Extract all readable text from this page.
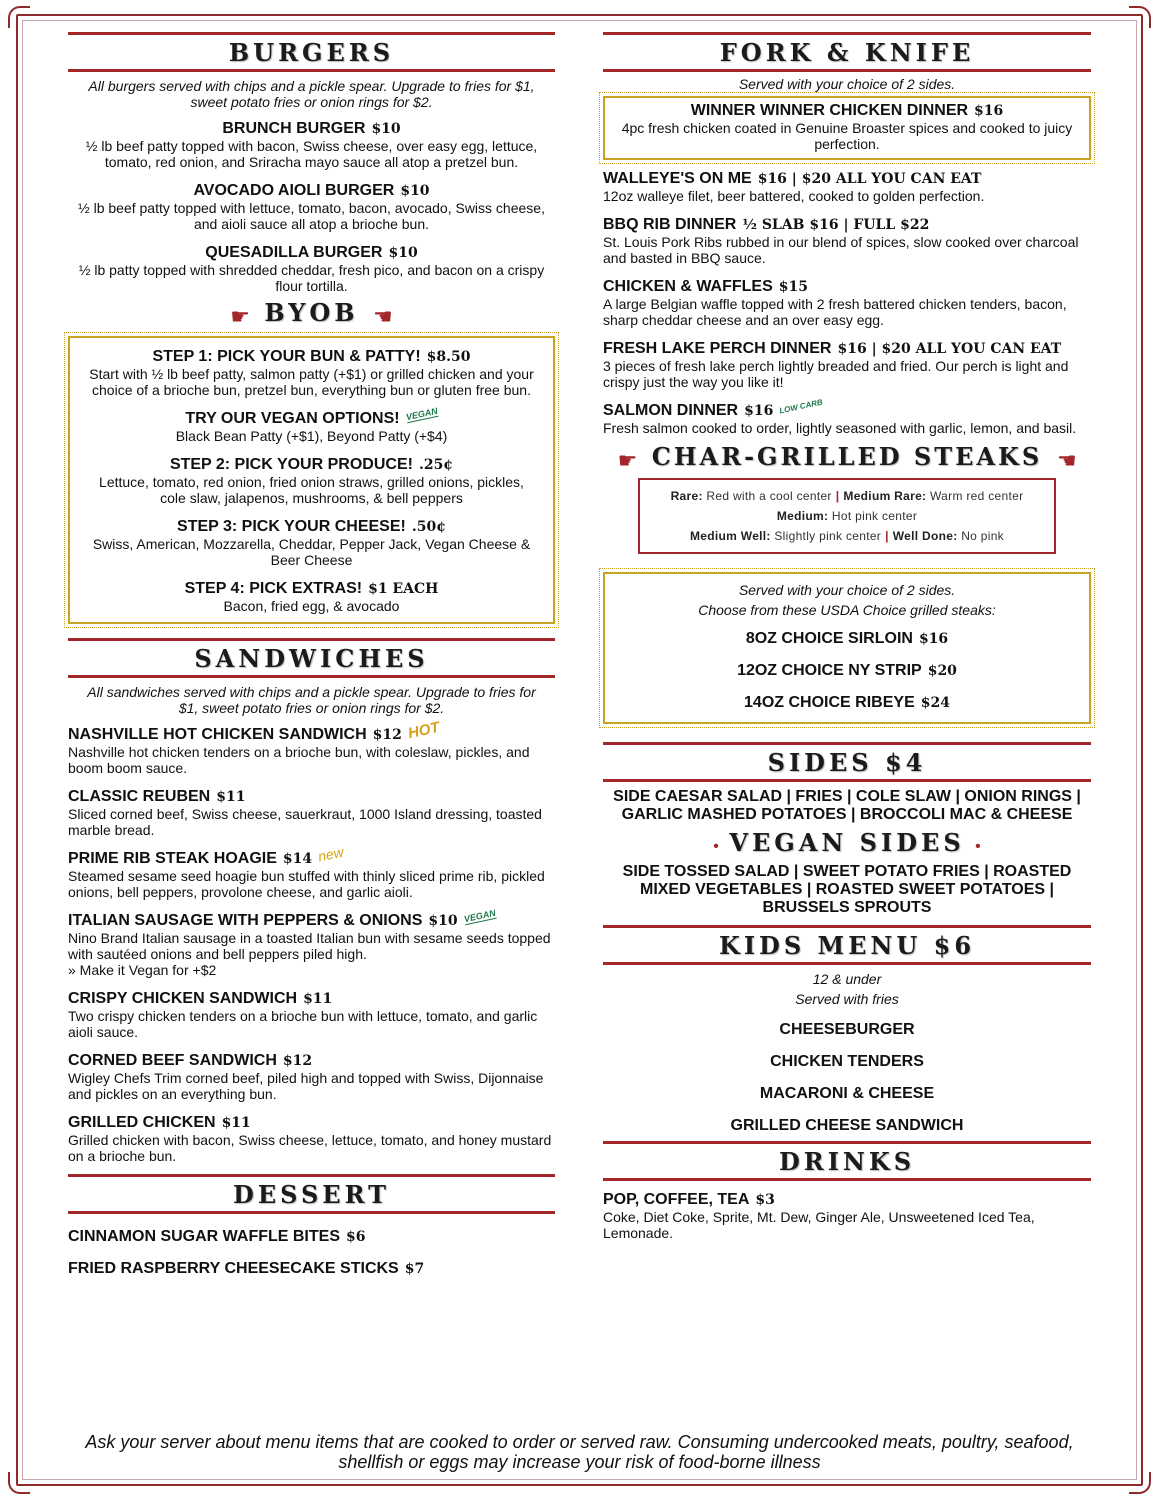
BURGERS

All burgers served with chips and a pickle spear. Upgrade to fries for $1, sweet potato fries or onion rings for $2.

BRUNCH BURGER $10
½ lb beef patty topped with bacon, Swiss cheese, over easy egg, lettuce, tomato, red onion, and Sriracha mayo sauce all atop a pretzel bun.
AVOCADO AIOLI BURGER $10
½ lb beef patty topped with lettuce, tomato, bacon, avocado, Swiss cheese, and aioli sauce all atop a brioche bun.
QUESADILLA BURGER $10
½ lb patty topped with shredded cheddar, fresh pico, and bacon on a crispy flour tortilla.
☛ BYOB ☛
STEP 1: PICK YOUR BUN & PATTY! $8.50
Start with ½ lb beef patty, salmon patty (+$1) or grilled chicken and your choice of a brioche bun, pretzel bun, everything bun or gluten free bun.
TRY OUR VEGAN OPTIONS! VEGAN
Black Bean Patty (+$1), Beyond Patty (+$4)
STEP 2: PICK YOUR PRODUCE! .25¢
Lettuce, tomato, red onion, fried onion straws, grilled onions, pickles, cole slaw, jalapenos, mushrooms, & bell peppers
STEP 3: PICK YOUR CHEESE! .50¢
Swiss, American, Mozzarella, Cheddar, Pepper Jack, Vegan Cheese & Beer Cheese
STEP 4: PICK EXTRAS! $1 EACH
Bacon, fried egg, & avocado
SANDWICHES

All sandwiches served with chips and a pickle spear. Upgrade to fries for $1, sweet potato fries or onion rings for $2.

NASHVILLE HOT CHICKEN SANDWICH $12 HOT
Nashville hot chicken tenders on a brioche bun, with coleslaw, pickles, and boom boom sauce.
CLASSIC REUBEN $11
Sliced corned beef, Swiss cheese, sauerkraut, 1000 Island dressing, toasted marble bread.
PRIME RIB STEAK HOAGIE $14 new
Steamed sesame seed hoagie bun stuffed with thinly sliced prime rib, pickled onions, bell peppers, provolone cheese, and garlic aioli.
ITALIAN SAUSAGE WITH PEPPERS & ONIONS $10 VEGAN
Nino Brand Italian sausage in a toasted Italian bun with sesame seeds topped with sautéed onions and bell peppers piled high.
» Make it Vegan for +$2
CRISPY CHICKEN SANDWICH $11
Two crispy chicken tenders on a brioche bun with lettuce, tomato, and garlic aioli sauce.
CORNED BEEF SANDWICH $12
Wigley Chefs Trim corned beef, piled high and topped with Swiss, Dijonnaise and pickles on an everything bun.
GRILLED CHICKEN $11
Grilled chicken with bacon, Swiss cheese, lettuce, tomato, and honey mustard on a brioche bun.
DESSERT
CINNAMON SUGAR WAFFLE BITES $6
FRIED RASPBERRY CHEESECAKE STICKS $7
FORK & KNIFE

Served with your choice of 2 sides.

WINNER WINNER CHICKEN DINNER $16
4pc fresh chicken coated in Genuine Broaster spices and cooked to juicy perfection.
WALLEYE'S ON ME $16 | $20 ALL YOU CAN EAT
12oz walleye filet, beer battered, cooked to golden perfection.
BBQ RIB DINNER ½ SLAB $16 | FULL $22
St. Louis Pork Ribs rubbed in our blend of spices, slow cooked over charcoal and basted in BBQ sauce.
CHICKEN & WAFFLES $15
A large Belgian waffle topped with 2 fresh battered chicken tenders, bacon, sharp cheddar cheese and an over easy egg.
FRESH LAKE PERCH DINNER $16 | $20 ALL YOU CAN EAT
3 pieces of fresh lake perch lightly breaded and fried. Our perch is light and crispy just the way you like it!
SALMON DINNER $16 LOW CARB
Fresh salmon cooked to order, lightly seasoned with garlic, lemon, and basil.
☛ CHAR-GRILLED STEAKS ☛
Rare: Red with a cool center | Medium Rare: Warm red center
Medium: Hot pink center
Medium Well: Slightly pink center | Well Done: No pink

Served with your choice of 2 sides.

Choose from these USDA Choice grilled steaks:

8OZ CHOICE SIRLOIN $16
12OZ CHOICE NY STRIP $20
14OZ CHOICE RIBEYE $24
SIDES $4
SIDE CAESAR SALAD | FRIES | COLE SLAW | ONION RINGS | GARLIC MASHED POTATOES | BROCCOLI MAC & CHEESE
• VEGAN SIDES •
SIDE TOSSED SALAD | SWEET POTATO FRIES | ROASTED MIXED VEGETABLES | ROASTED SWEET POTATOES | BRUSSELS SPROUTS
KIDS MENU $6

12 & under

Served with fries

CHEESEBURGER
CHICKEN TENDERS
MACARONI & CHEESE
GRILLED CHEESE SANDWICH
DRINKS
POP, COFFEE, TEA $3
Coke, Diet Coke, Sprite, Mt. Dew, Ginger Ale, Unsweetened Iced Tea, Lemonade.
Ask your server about menu items that are cooked to order or served raw. Consuming undercooked meats, poultry, seafood, shellfish or eggs may increase your risk of food-borne illness
